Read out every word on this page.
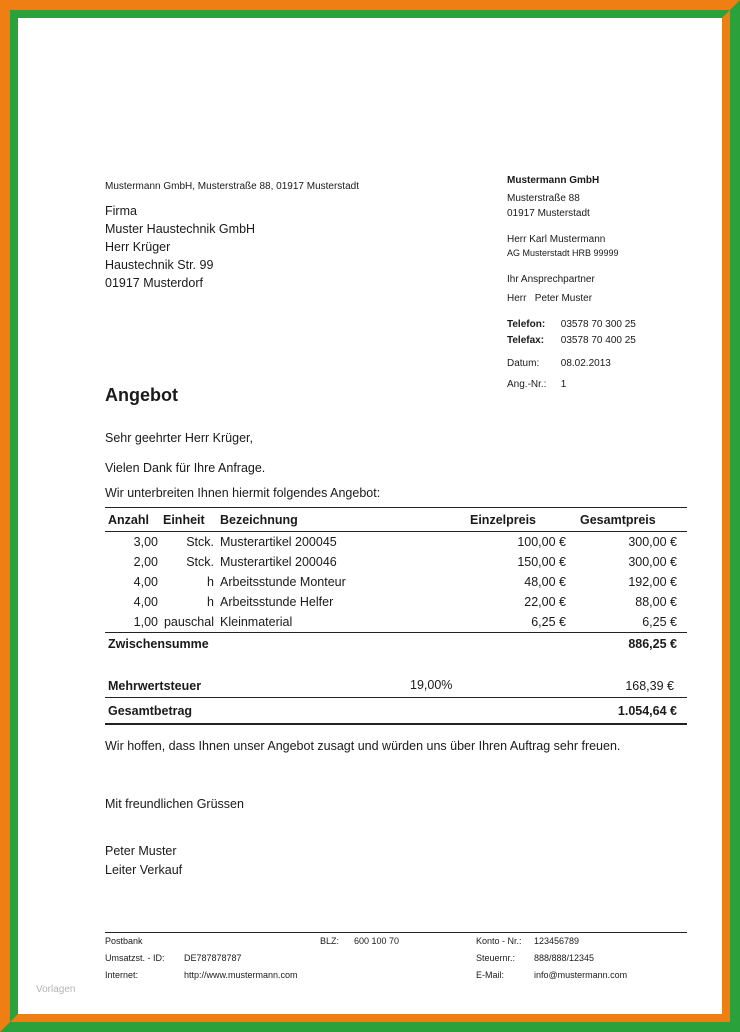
Mustermann GmbH, Musterstraße 88, 01917 Musterstadt
Firma
Muster Haustechnik GmbH
Herr Krüger
Haustechnik Str. 99
01917 Musterdorf
Mustermann GmbH
Musterstraße 88
01917 Musterstadt
Herr Karl Mustermann
AG Musterstadt HRB 99999
Ihr Ansprechpartner
Herr Peter Muster
Telefon: 03578 70 300 25
Telefax: 03578 70 400 25
Datum: 08.02.2013
Ang.-Nr.: 1
Angebot
Sehr geehrter Herr Krüger,
Vielen Dank für Ihre Anfrage.
Wir unterbreiten Ihnen hiermit folgendes Angebot:
Anzahl	Einheit	Bezeichnung		Einzelpreis	Gesamtpreis
3,00	Stck.	Musterartikel 200045		100,00 €	300,00 €
2,00	Stck.	Musterartikel 200046		150,00 €	300,00 €
4,00	h	Arbeitsstunde Monteur		48,00 €	192,00 €
4,00	h	Arbeitsstunde Helfer		22,00 €	88,00 €
1,00	pauschal	Kleinmaterial		6,25 €	6,25 €
Zwischensumme				886,25 €

Mehrwertsteuer			19,00%	168,39 €
Gesamtbetrag				1.054,64 €
Wir hoffen, dass Ihnen unser Angebot zusagt und würden uns über Ihren Auftrag sehr freuen.
Mit freundlichen Grüssen
Peter Muster
Leiter Verkauf
Postbank	BLZ: 600 100 70	Konto - Nr.: 123456789
Umsatzst. - ID: DE787878787	Steuernr.: 888/888/12345
Internet:	http://www.mustermann.com	E-Mail:	info@mustermann.com
Vorlagen
